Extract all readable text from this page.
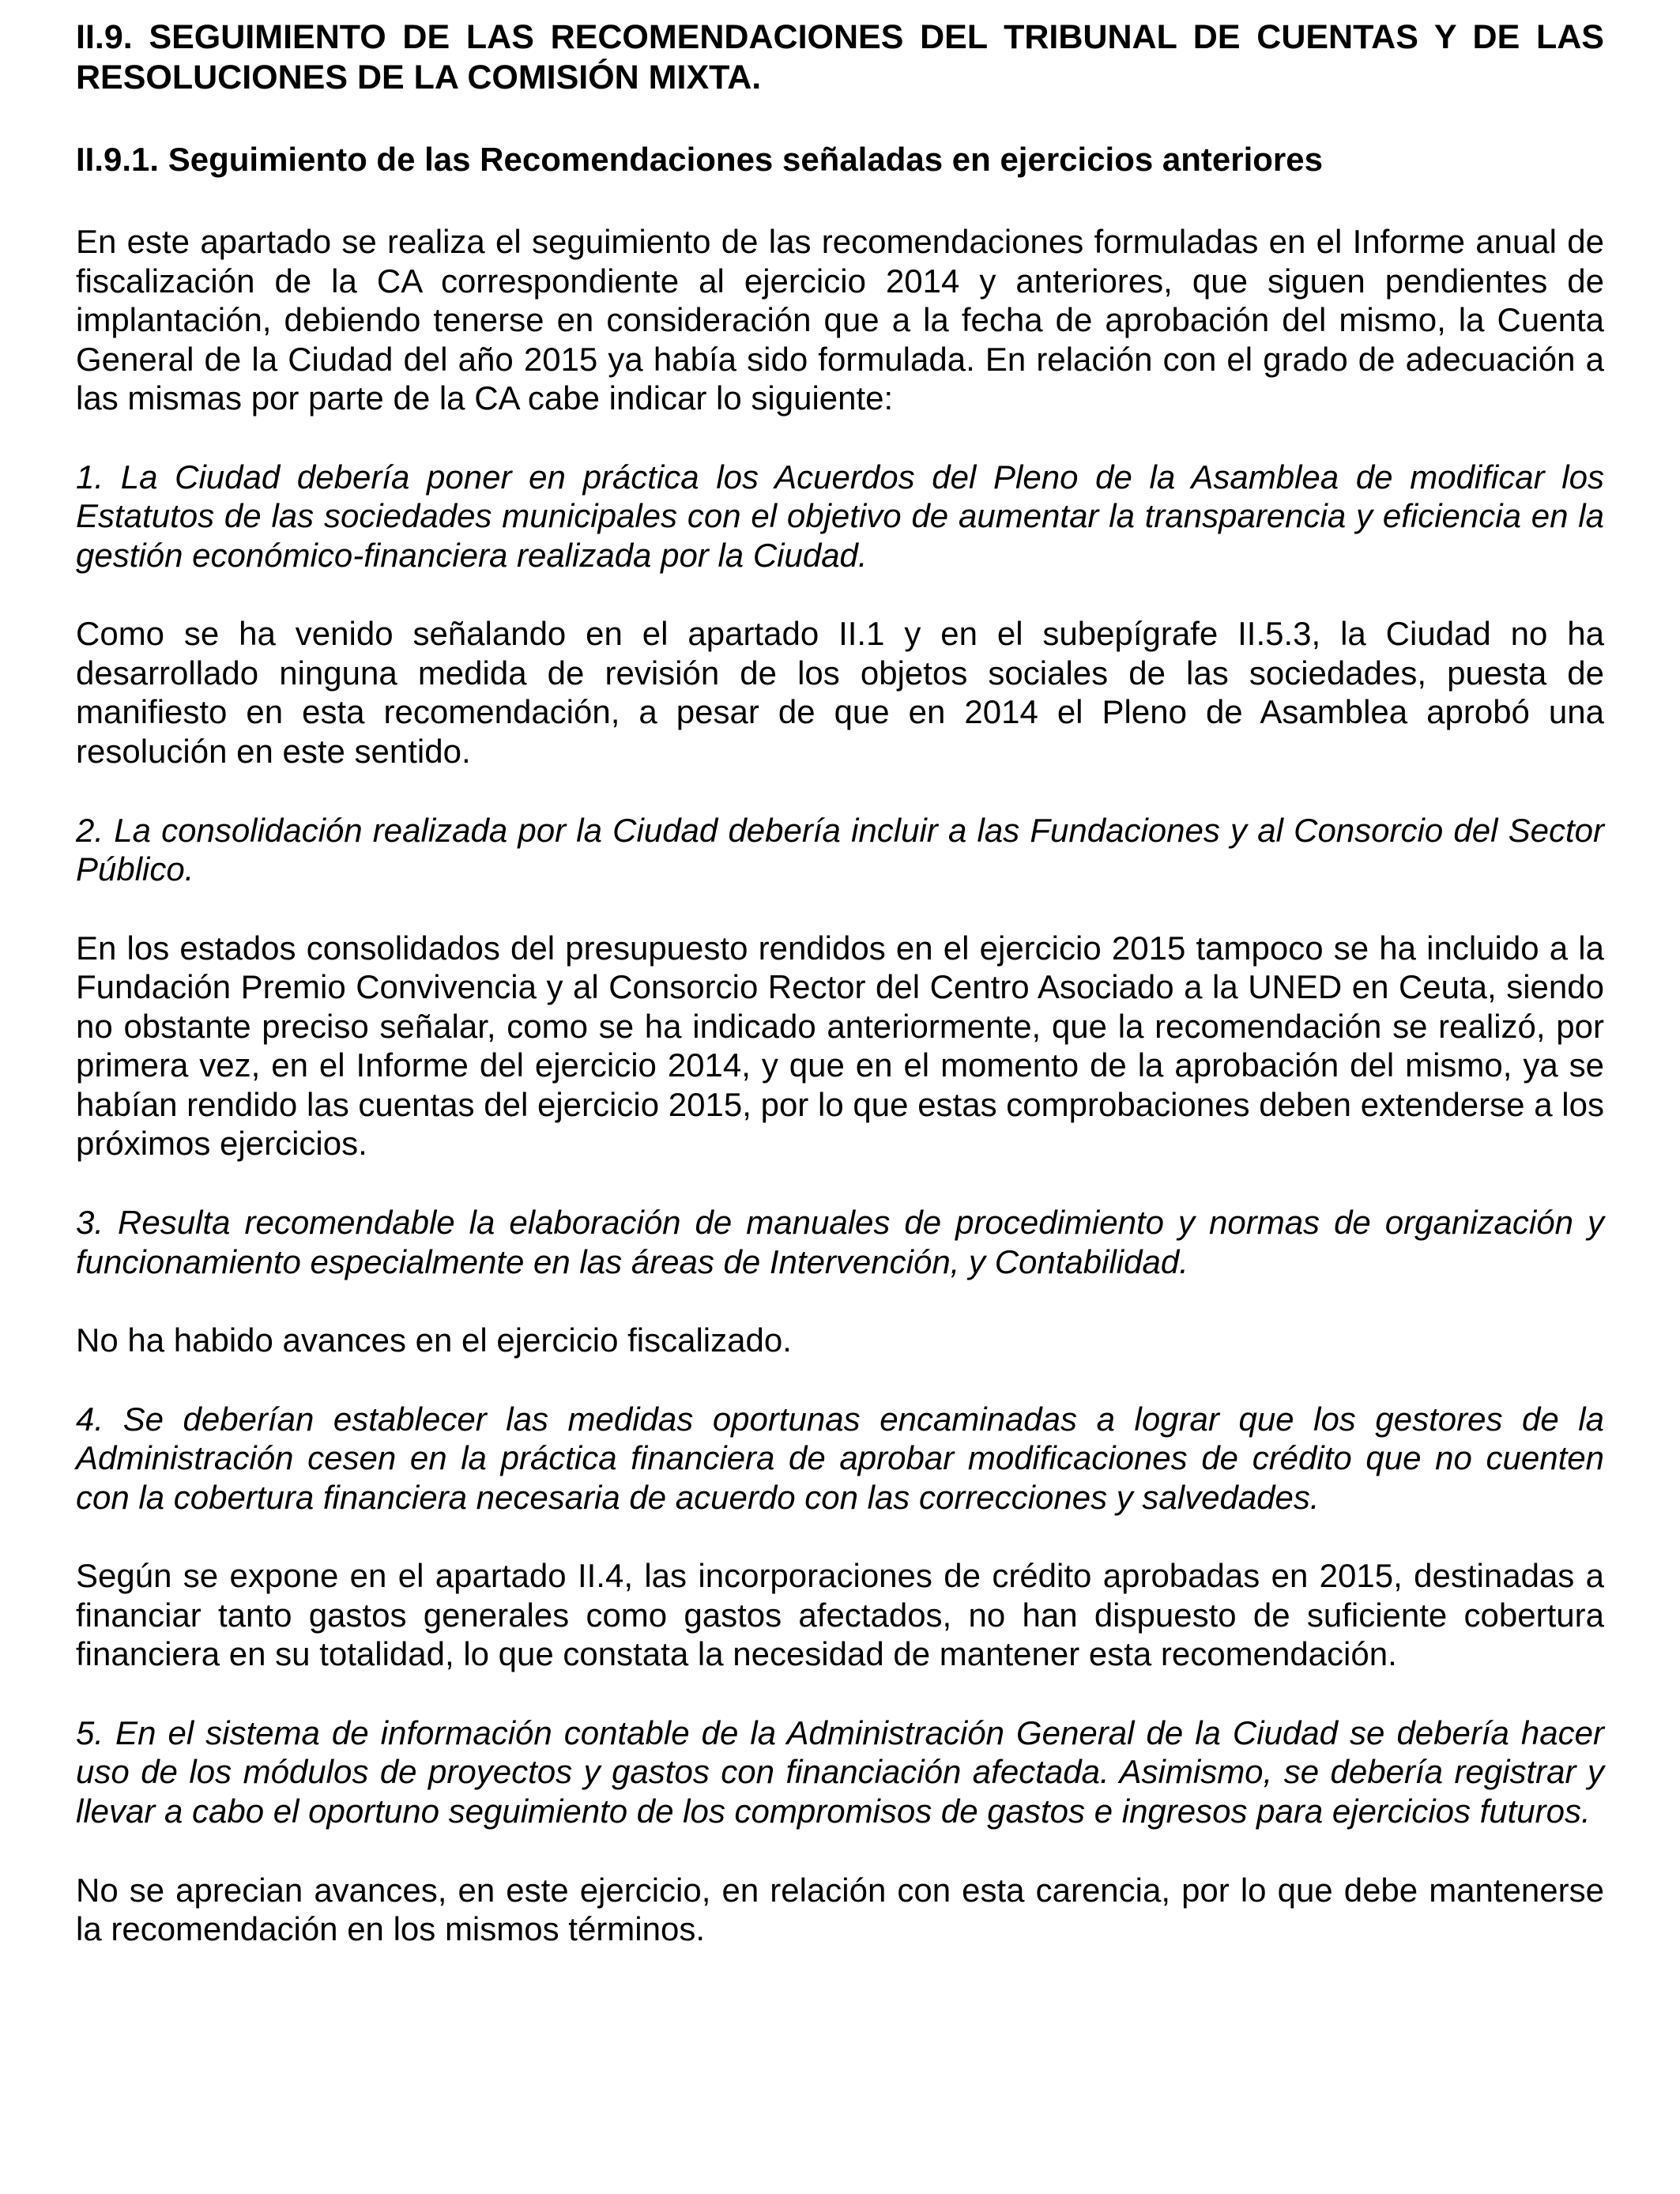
II.9. SEGUIMIENTO DE LAS RECOMENDACIONES DEL TRIBUNAL DE CUENTAS Y DE LAS RESOLUCIONES DE LA COMISIÓN MIXTA.
II.9.1. Seguimiento de las Recomendaciones señaladas en ejercicios anteriores

En este apartado se realiza el seguimiento de las recomendaciones formuladas en el Informe anual de fiscalización de la CA correspondiente al ejercicio 2014 y anteriores, que siguen pendientes de implantación, debiendo tenerse en consideración que a la fecha de aprobación del mismo, la Cuenta General de la Ciudad del año 2015 ya había sido formulada. En relación con el grado de adecuación a las mismas por parte de la CA cabe indicar lo siguiente:

1. La Ciudad debería poner en práctica los Acuerdos del Pleno de la Asamblea de modificar los Estatutos de las sociedades municipales con el objetivo de aumentar la transparencia y eficiencia en la gestión económico-financiera realizada por la Ciudad.

Como se ha venido señalando en el apartado II.1 y en el subepígrafe II.5.3, la Ciudad no ha desarrollado ninguna medida de revisión de los objetos sociales de las sociedades, puesta de manifiesto en esta recomendación, a pesar de que en 2014 el Pleno de Asamblea aprobó una resolución en este sentido.

2. La consolidación realizada por la Ciudad debería incluir a las Fundaciones y al Consorcio del Sector Público.

En los estados consolidados del presupuesto rendidos en el ejercicio 2015 tampoco se ha incluido a la Fundación Premio Convivencia y al Consorcio Rector del Centro Asociado a la UNED en Ceuta, siendo no obstante preciso señalar, como se ha indicado anteriormente, que la recomendación se realizó, por primera vez, en el Informe del ejercicio 2014, y que en el momento de la aprobación del mismo, ya se habían rendido las cuentas del ejercicio 2015, por lo que estas comprobaciones deben extenderse a los próximos ejercicios.

3. Resulta recomendable la elaboración de manuales de procedimiento y normas de organización y funcionamiento especialmente en las áreas de Intervención, y Contabilidad.

No ha habido avances en el ejercicio fiscalizado.

4. Se deberían establecer las medidas oportunas encaminadas a lograr que los gestores de la Administración cesen en la práctica financiera de aprobar modificaciones de crédito que no cuenten con la cobertura financiera necesaria de acuerdo con las correcciones y salvedades.

Según se expone en el apartado II.4, las incorporaciones de crédito aprobadas en 2015, destinadas a financiar tanto gastos generales como gastos afectados, no han dispuesto de suficiente cobertura financiera en su totalidad, lo que constata la necesidad de mantener esta recomendación.

5. En el sistema de información contable de la Administración General de la Ciudad se debería hacer uso de los módulos de proyectos y gastos con financiación afectada. Asimismo, se debería registrar y llevar a cabo el oportuno seguimiento de los compromisos de gastos e ingresos para ejercicios futuros.

No se aprecian avances, en este ejercicio, en relación con esta carencia, por lo que debe mantenerse la recomendación en los mismos términos.
